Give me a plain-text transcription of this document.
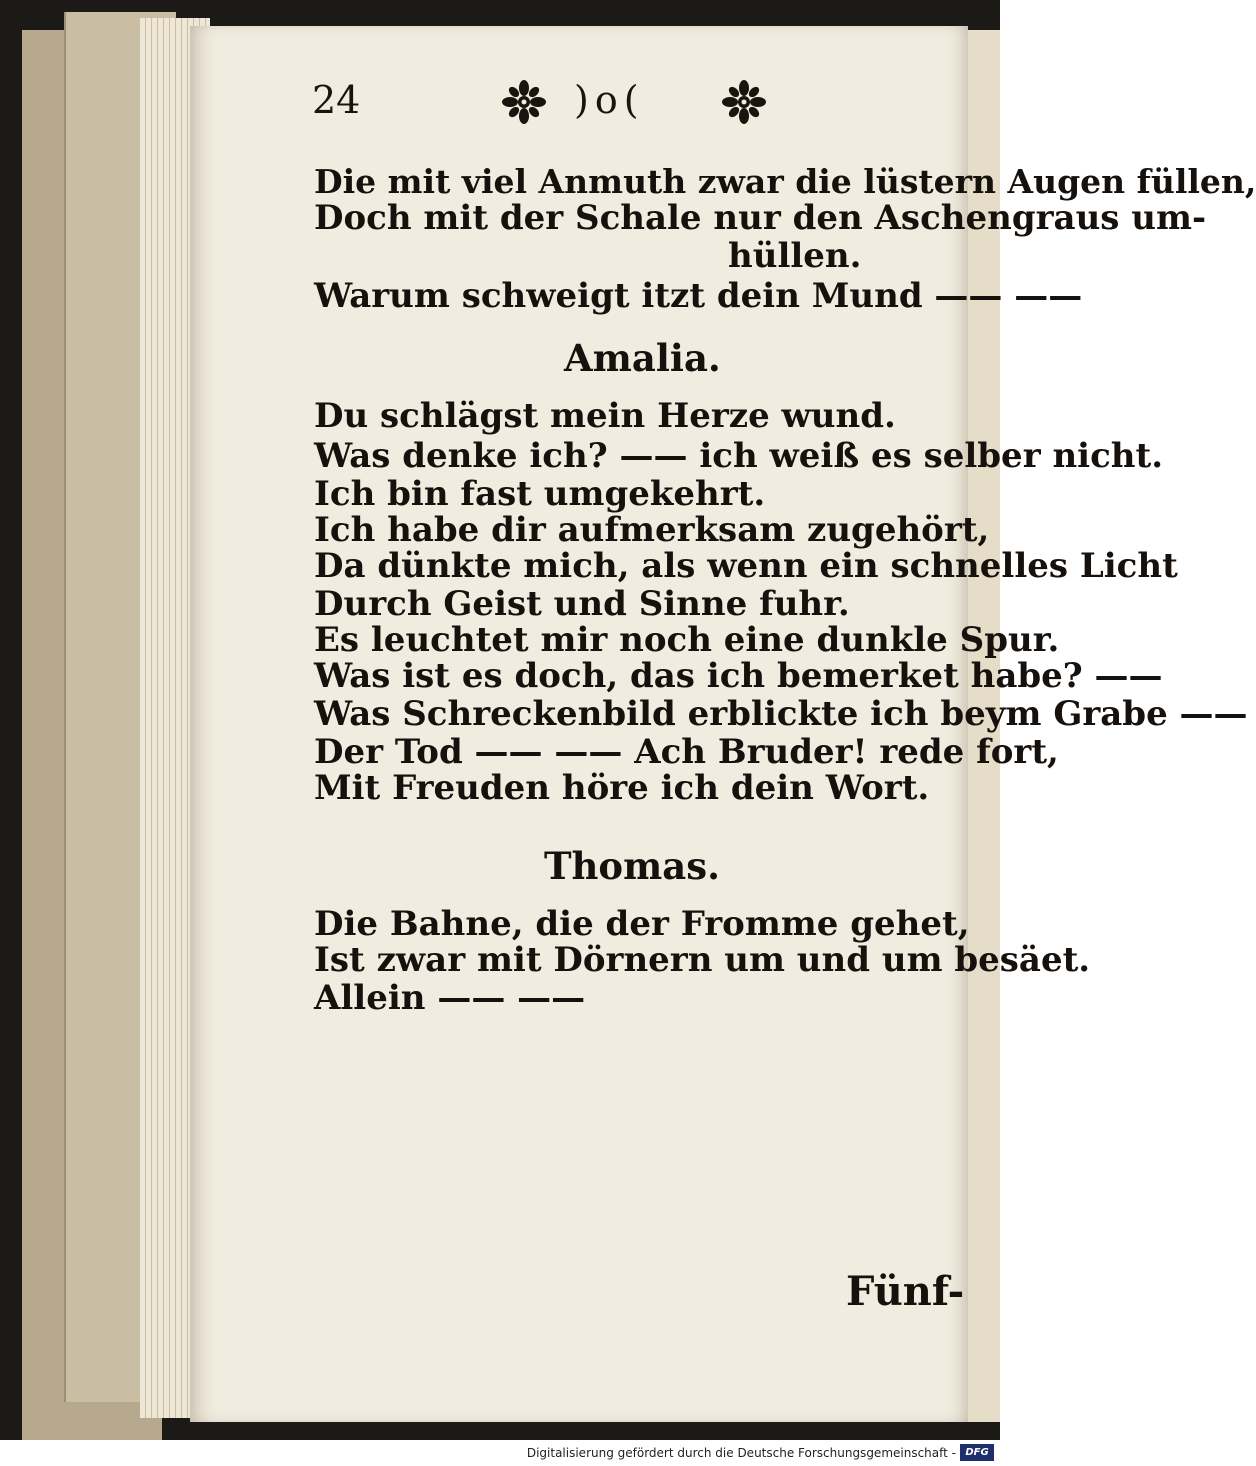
24	)o(

Die mit viel Anmuth zwar die lüstern Augen füllen,

Doch mit der Schale nur den Aschengraus um-

hüllen.

Warum schweigt itzt dein Mund —— ——

Amalia.

Du schlägst mein Herze wund.

Was denke ich? —— ich weiß es selber nicht.

Ich bin fast umgekehrt.

Ich habe dir aufmerksam zugehört,

Da dünkte mich, als wenn ein schnelles Licht

Durch Geist und Sinne fuhr.

Es leuchtet mir noch eine dunkle Spur.

Was ist es doch, das ich bemerket habe? ——

Was Schreckenbild erblickte ich beym Grabe ——

Der Tod —— —— Ach Bruder! rede fort,

Mit Freuden höre ich dein Wort.

Thomas.

Die Bahne, die der Fromme gehet,

Ist zwar mit Dörnern um und um besäet.

Allein —— ——

Fünf-
Digitalisierung gefördert durch die Deutsche Forschungsgemeinschaft - DFG
